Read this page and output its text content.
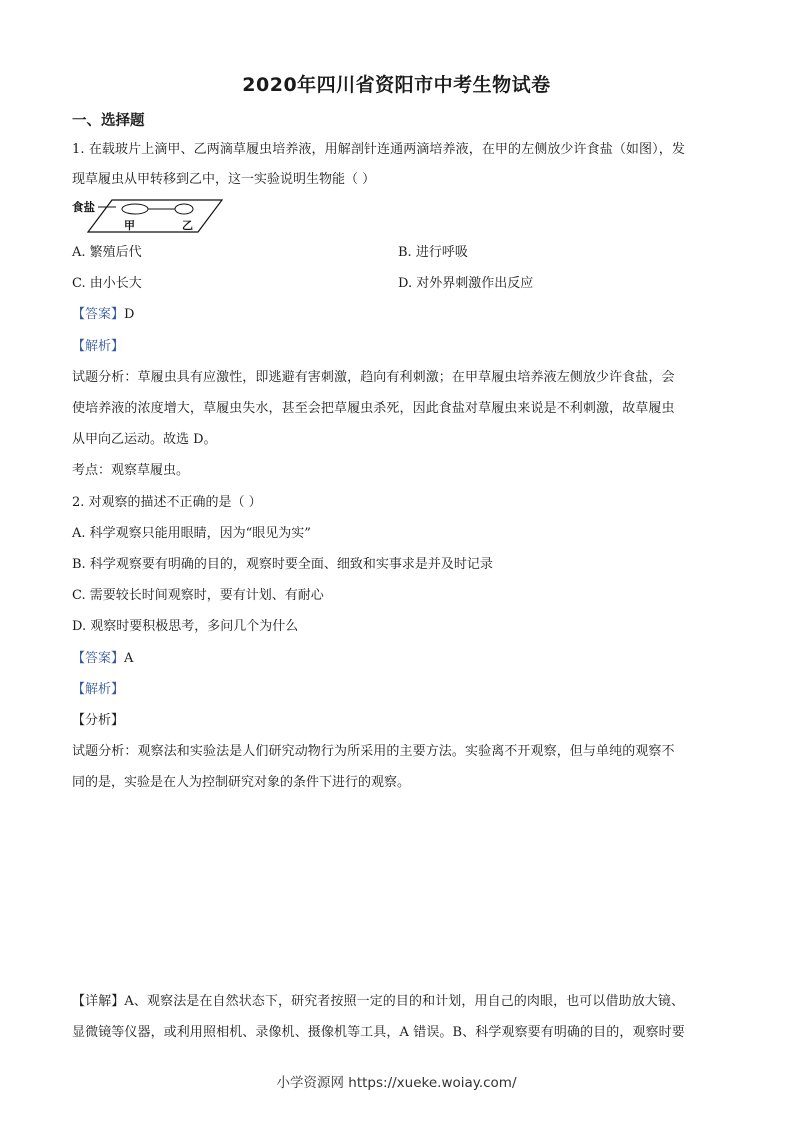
2020年四川省资阳市中考生物试卷
一、选择题
1. 在载玻片上滴甲、乙两滴草履虫培养液，用解剖针连通两滴培养液，在甲的左侧放少许食盐（如图），发
现草履虫从甲转移到乙中，这一实验说明生物能（ ）
食盐
甲	乙
A. 繁殖后代	B. 进行呼吸
C. 由小长大	D. 对外界刺激作出反应
【答案】D
【解析】
试题分析：草履虫具有应激性，即逃避有害刺激，趋向有利刺激；在甲草履虫培养液左侧放少许食盐，会
使培养液的浓度增大，草履虫失水，甚至会把草履虫杀死，因此食盐对草履虫来说是不利刺激，故草履虫
从甲向乙运动。故选 D。
考点：观察草履虫。
2. 对观察的描述不正确的是（ ）
A. 科学观察只能用眼睛，因为“眼见为实”
B. 科学观察要有明确的目的，观察时要全面、细致和实事求是并及时记录
C. 需要较长时间观察时，要有计划、有耐心
D. 观察时要积极思考，多问几个为什么
【答案】A
【解析】
【分析】
试题分析：观察法和实验法是人们研究动物行为所采用的主要方法。实验离不开观察，但与单纯的观察不
同的是，实验是在人为控制研究对象的条件下进行的观察。
【详解】A、观察法是在自然状态下，研究者按照一定的目的和计划，用自己的肉眼，也可以借助放大镜、
显微镜等仪器，或利用照相机、录像机、摄像机等工具，A 错误。B、科学观察要有明确的目的，观察时要
小学资源网 https://xueke.woiay.com/
